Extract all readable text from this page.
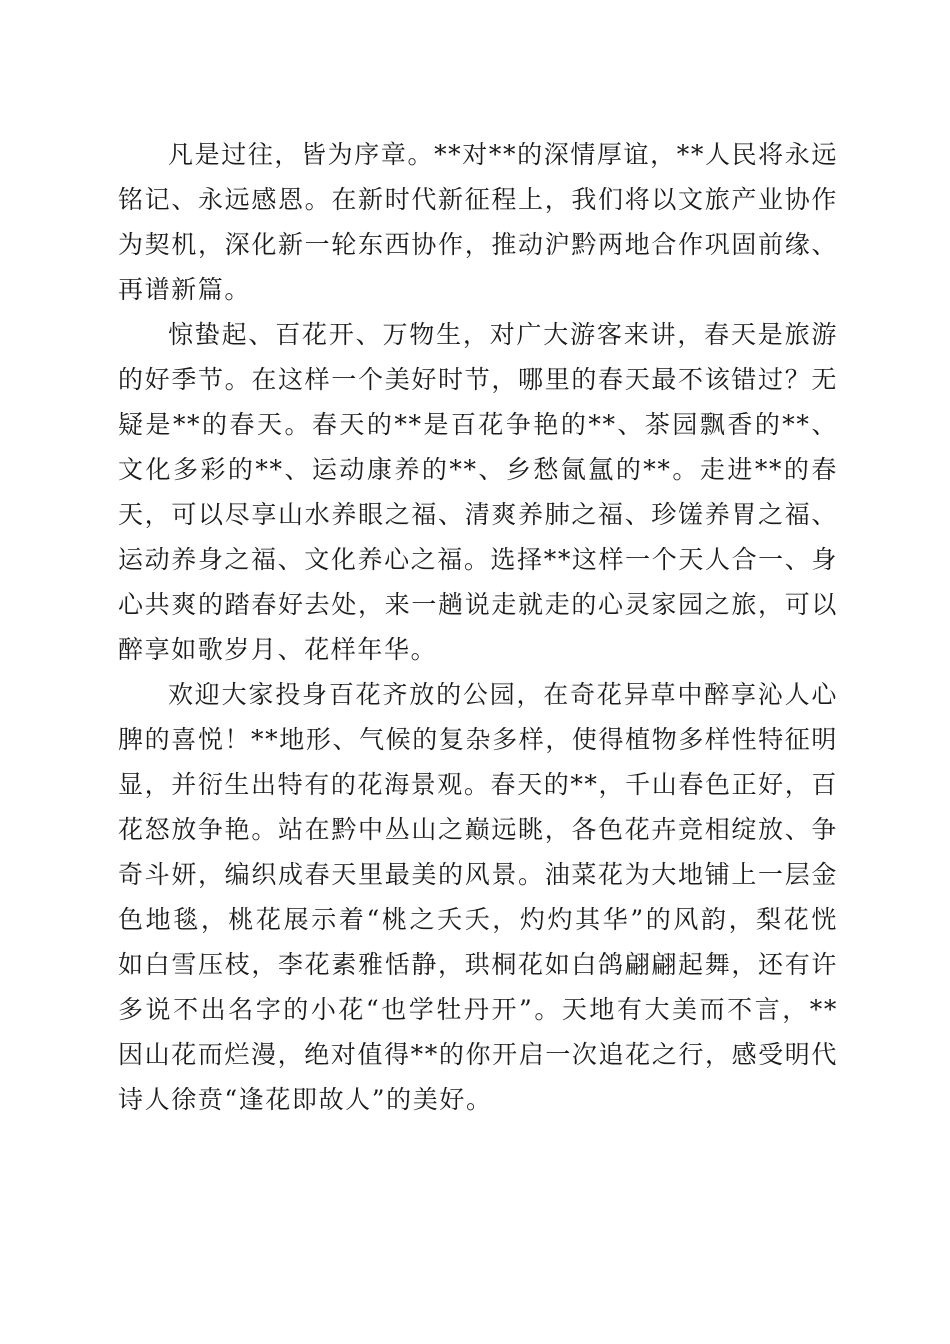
凡是过往，皆为序章。**对**的深情厚谊，**人民将永远铭记、永远感恩。在新时代新征程上，我们将以文旅产业协作为契机，深化新一轮东西协作，推动沪黔两地合作巩固前缘、再谱新篇。

惊蛰起、百花开、万物生，对广大游客来讲，春天是旅游的好季节。在这样一个美好时节，哪里的春天最不该错过？无疑是**的春天。春天的**是百花争艳的**、茶园飘香的**、文化多彩的**、运动康养的**、乡愁氤氲的**。走进**的春天，可以尽享山水养眼之福、清爽养肺之福、珍馐养胃之福、运动养身之福、文化养心之福。选择**这样一个天人合一、身心共爽的踏春好去处，来一趟说走就走的心灵家园之旅，可以醉享如歌岁月、花样年华。

欢迎大家投身百花齐放的公园，在奇花异草中醉享沁人心脾的喜悦！**地形、气候的复杂多样，使得植物多样性特征明显，并衍生出特有的花海景观。春天的**，千山春色正好，百花怒放争艳。站在黔中丛山之巅远眺，各色花卉竞相绽放、争奇斗妍，编织成春天里最美的风景。油菜花为大地铺上一层金色地毯，桃花展示着“桃之夭夭，灼灼其华”的风韵，梨花恍如白雪压枝，李花素雅恬静，珙桐花如白鸽翩翩起舞，还有许多说不出名字的小花“也学牡丹开”。天地有大美而不言，**因山花而烂漫，绝对值得**的你开启一次追花之行，感受明代诗人徐贲“逢花即故人”的美好。
